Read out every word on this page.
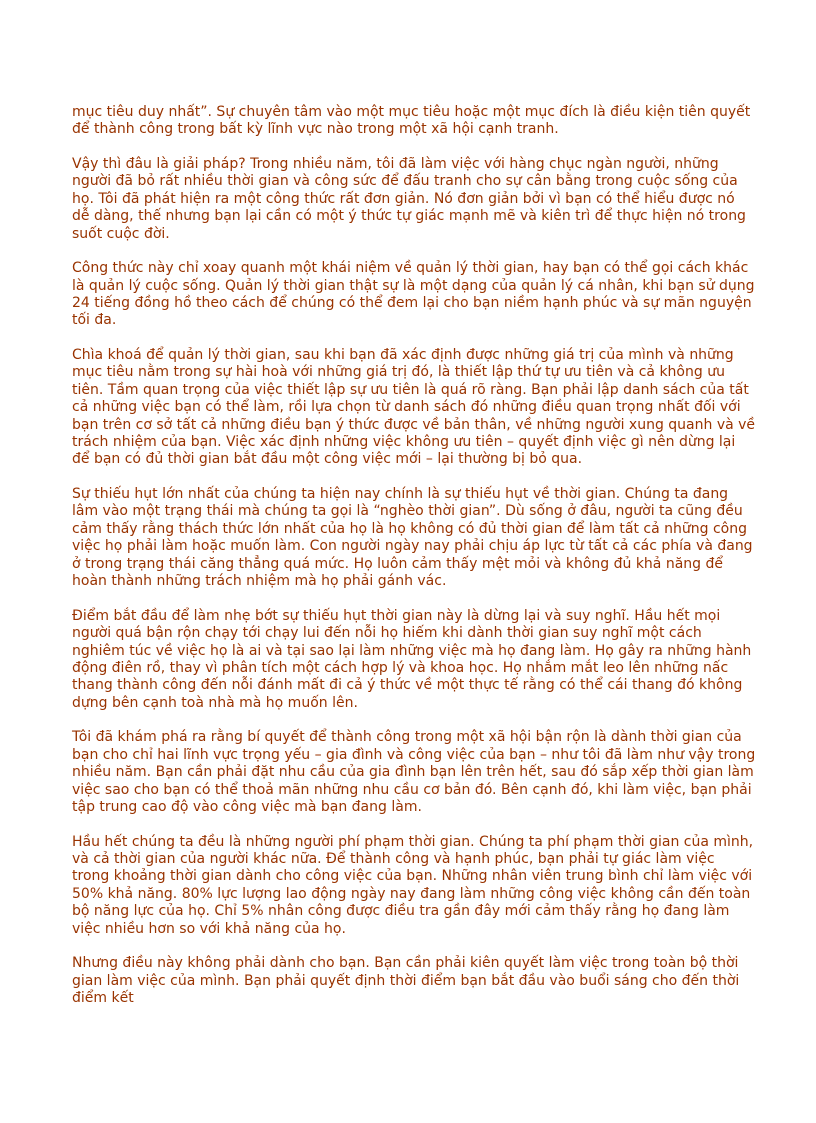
mục tiêu duy nhất”. Sự chuyên tâm vào một mục tiêu hoặc một mục đích là điều kiện tiên quyết để thành công trong bất kỳ lĩnh vực nào trong một xã hội cạnh tranh.

Vậy thì đâu là giải pháp? Trong nhiều năm, tôi đã làm việc với hàng chục ngàn người, những người đã bỏ rất nhiều thời gian và công sức để đấu tranh cho sự cân bằng trong cuộc sống của họ. Tôi đã phát hiện ra một công thức rất đơn giản. Nó đơn giản bởi vì bạn có thể hiểu được nó dễ dàng, thế nhưng bạn lại cần có một ý thức tự giác mạnh mẽ và kiên trì để thực hiện nó trong suốt cuộc đời.

Công thức này chỉ xoay quanh một khái niệm về quản lý thời gian, hay bạn có thể gọi cách khác là quản lý cuộc sống. Quản lý thời gian thật sự là một dạng của quản lý cá nhân, khi bạn sử dụng 24 tiếng đồng hồ theo cách để chúng có thể đem lại cho bạn niềm hạnh phúc và sự mãn nguyện tối đa.

Chìa khoá để quản lý thời gian, sau khi bạn đã xác định được những giá trị của mình và những mục tiêu nằm trong sự hài hoà với những giá trị đó, là thiết lập thứ tự ưu tiên và cả không ưu tiên. Tầm quan trọng của việc thiết lập sự ưu tiên là quá rõ ràng. Bạn phải lập danh sách của tất cả những việc bạn có thể làm, rồi lựa chọn từ danh sách đó những điều quan trọng nhất đối với bạn trên cơ sở tất cả những điều bạn ý thức được về bản thân, về những người xung quanh và về trách nhiệm của bạn. Việc xác định những việc không ưu tiên – quyết định việc gì nên dừng lại để bạn có đủ thời gian bắt đầu một công việc mới – lại thường bị bỏ qua.

Sự thiếu hụt lớn nhất của chúng ta hiện nay chính là sự thiếu hụt về thời gian. Chúng ta đang lâm vào một trạng thái mà chúng ta gọi là “nghèo thời gian”. Dù sống ở đâu, người ta cũng đều cảm thấy rằng thách thức lớn nhất của họ là họ không có đủ thời gian để làm tất cả những công việc họ phải làm hoặc muốn làm. Con người ngày nay phải chịu áp lực từ tất cả các phía và đang ở trong trạng thái căng thẳng quá mức. Họ luôn cảm thấy mệt mỏi và không đủ khả năng để hoàn thành những trách nhiệm mà họ phải gánh vác.

Điểm bắt đầu để làm nhẹ bớt sự thiếu hụt thời gian này là dừng lại và suy nghĩ. Hầu hết mọi người quá bận rộn chạy tới chạy lui đến nỗi họ hiếm khi dành thời gian suy nghĩ một cách nghiêm túc về việc họ là ai và tại sao lại làm những việc mà họ đang làm. Họ gây ra những hành động điên rồ, thay vì phân tích một cách hợp lý và khoa học. Họ nhắm mắt leo lên những nấc thang thành công đến nỗi đánh mất đi cả ý thức về một thực tế rằng có thể cái thang đó không dựng bên cạnh toà nhà mà họ muốn lên.

Tôi đã khám phá ra rằng bí quyết để thành công trong một xã hội bận rộn là dành thời gian của bạn cho chỉ hai lĩnh vực trọng yếu – gia đình và công việc của bạn – như tôi đã làm như vậy trong nhiều năm. Bạn cần phải đặt nhu cầu của gia đình bạn lên trên hết, sau đó sắp xếp thời gian làm việc sao cho bạn có thể thoả mãn những nhu cầu cơ bản đó. Bên cạnh đó, khi làm việc, bạn phải tập trung cao độ vào công việc mà bạn đang làm.

Hầu hết chúng ta đều là những người phí phạm thời gian. Chúng ta phí phạm thời gian của mình, và cả thời gian của người khác nữa. Để thành công và hạnh phúc, bạn phải tự giác làm việc trong khoảng thời gian dành cho công việc của bạn. Những nhân viên trung bình chỉ làm việc với 50% khả năng. 80% lực lượng lao động ngày nay đang làm những công việc không cần đến toàn bộ năng lực của họ. Chỉ 5% nhân công được điều tra gần đây mới cảm thấy rằng họ đang làm việc nhiều hơn so với khả năng của họ.

Nhưng điều này không phải dành cho bạn. Bạn cần phải kiên quyết làm việc trong toàn bộ thời gian làm việc của mình. Bạn phải quyết định thời điểm bạn bắt đầu vào buổi sáng cho đến thời điểm kết
